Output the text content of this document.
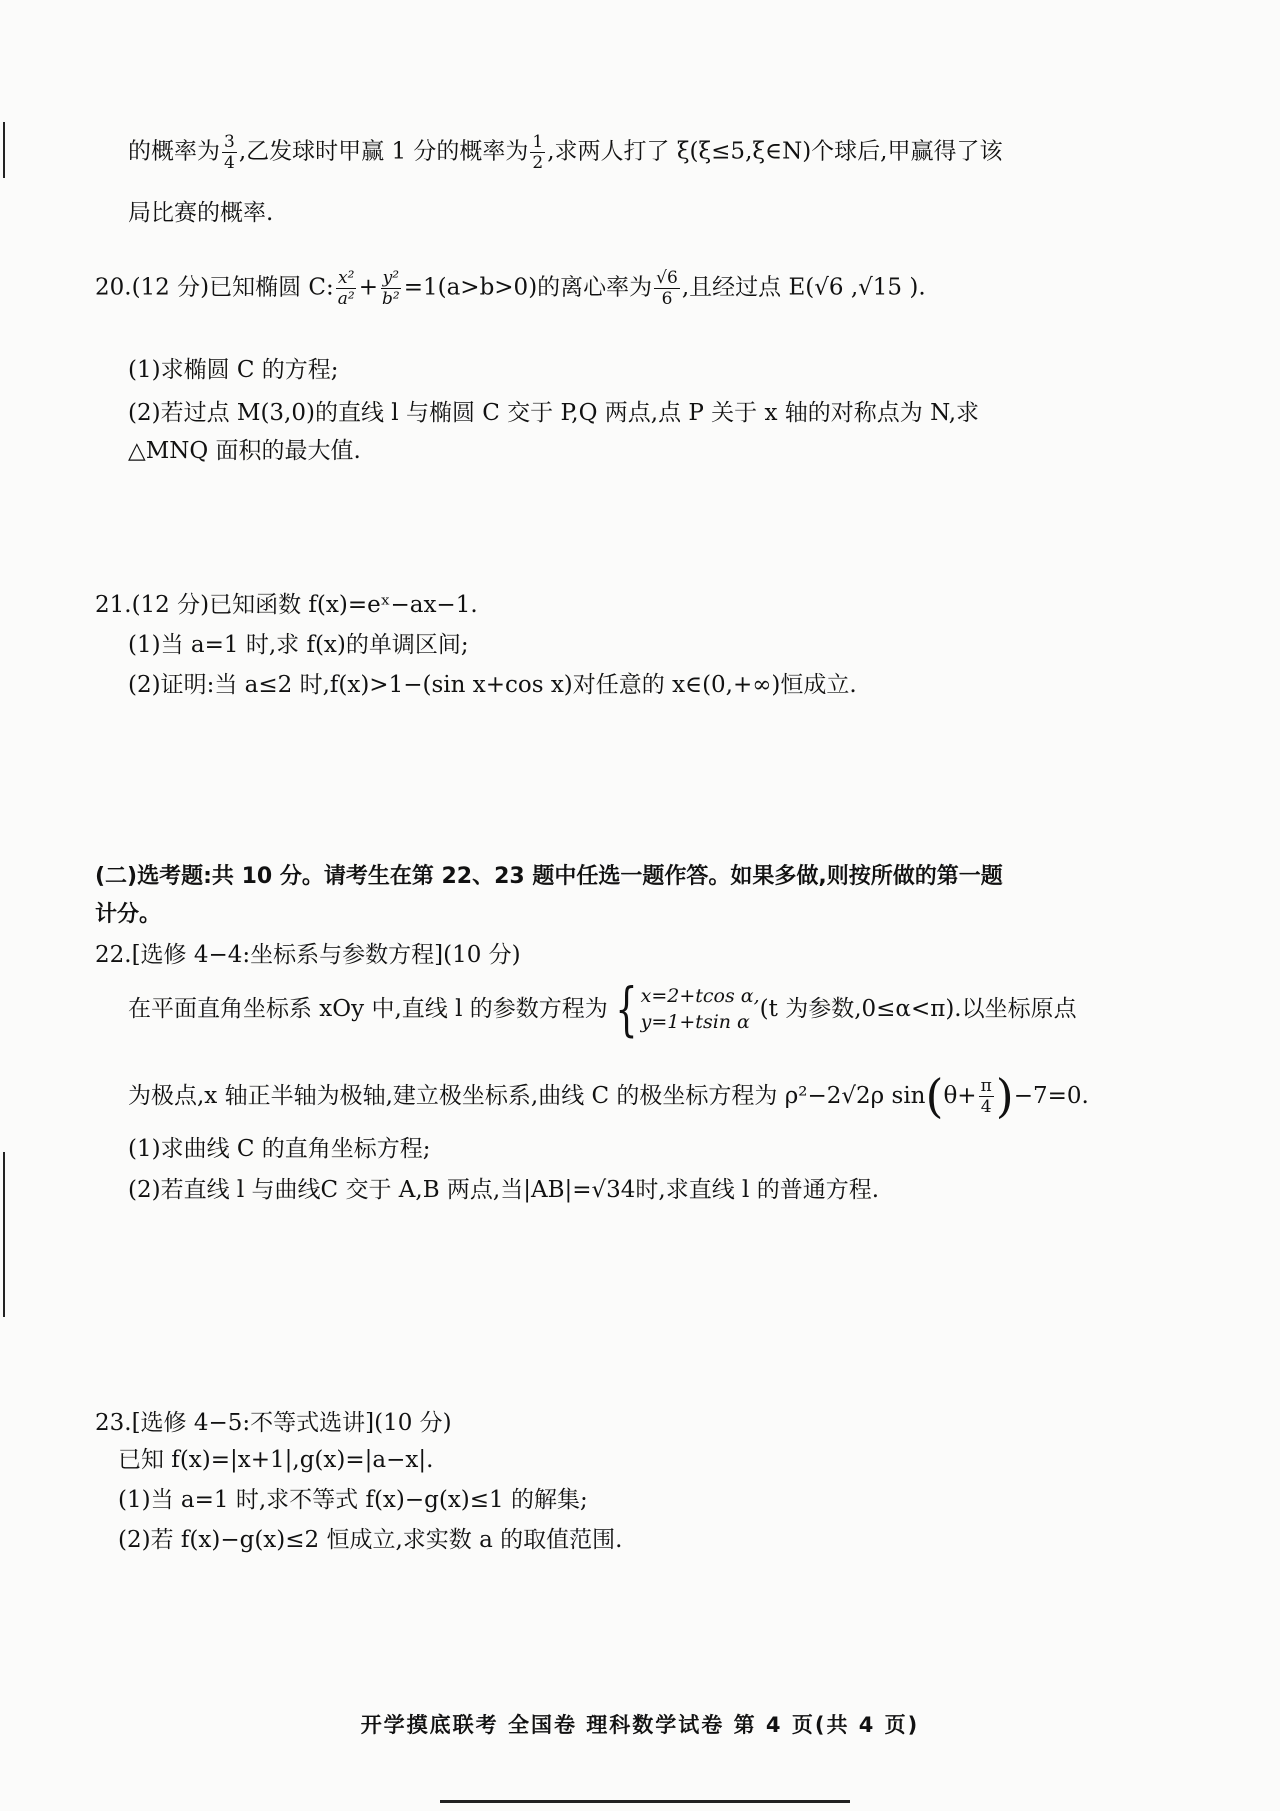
的概率为 $\frac{3}{4}$ ,乙发球时甲赢 1 分的概率为 $\frac{1}{2}$ ,求两人打了 ξ(ξ≤5,ξ∈N)个球后,甲赢得了该
局比赛的概率.
20.(12 分)已知椭圆 C: $\frac{\text{x²}}{\text{a²}} + \frac{\text{y²}}{\text{b²}} =1(a>b>0)$的离心率为 $\frac{√6}{6}$ ,且经过点 E(√6 ,√15 ).
(1)求椭圆 C 的方程;
(2)若过点 M(3,0)的直线 l 与椭圆 C 交于 P,Q 两点,点 P 关于 x 轴的对称点为 N,求
△MNQ 面积的最大值.
21.(12 分)已知函数 f(x)=eˣ−ax−1.
(1)当 a=1 时,求 f(x)的单调区间;
(2)证明:当 a≤2 时,f(x)>1−(sin x+cos x)对任意的 x∈(0,+∞)恒成立.
(二)选考题:共 10 分。请考生在第 22、23 题中任选一题作答。如果多做,则按所做的第一题
计分。
22.[选修 4−4:坐标系与参数方程](10 分)
在平面直角坐标系 xOy 中,直线 l 的参数方程为 { x=2+tcos α,
y=1+tsin α (t 为参数,0≤α<π).以坐标原点
为极点,x 轴正半轴为极轴,建立极坐标系,曲线 C 的极坐标方程为 ρ²−2√2ρ sin ( $\theta+ \frac{\pi}{4}$ ) −7=0.
(1)求曲线 C 的直角坐标方程;
(2)若直线 l 与曲线C 交于 A,B 两点,当|AB|=√34时,求直线 l 的普通方程.
23.[选修 4−5:不等式选讲](10 分)
已知 f(x)=|x+1|,g(x)=|a−x|.
(1)当 a=1 时,求不等式 f(x)−g(x)≤1 的解集;
(2)若 f(x)−g(x)≤2 恒成立,求实数 a 的取值范围.
开学摸底联考 全国卷 理科数学试卷 第 4 页(共 4 页)
